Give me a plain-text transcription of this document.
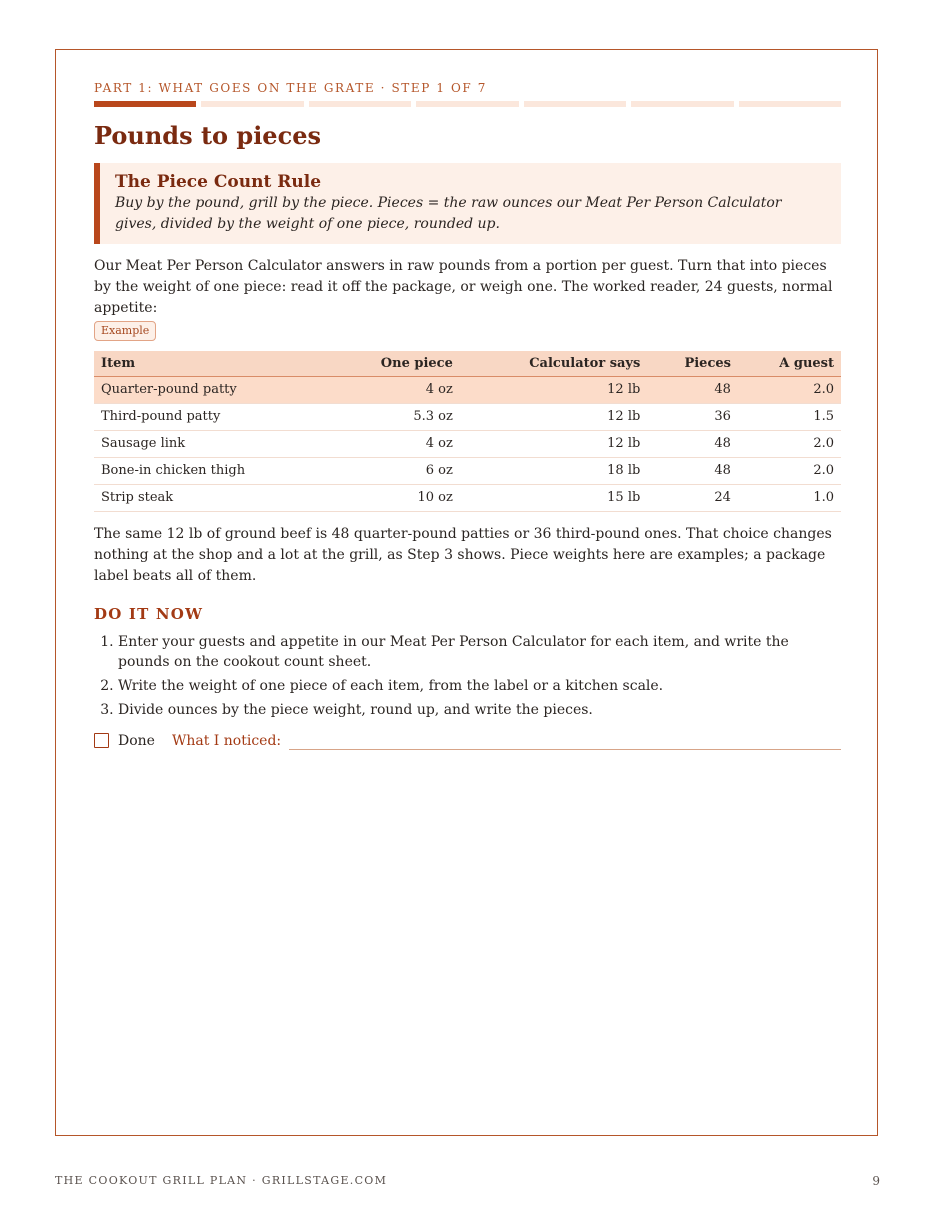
PART 1: WHAT GOES ON THE GRATE · STEP 1 OF 7
Pounds to pieces
The Piece Count Rule
Buy by the pound, grill by the piece. Pieces = the raw ounces our Meat Per Person Calculator gives, divided by the weight of one piece, rounded up.

Our Meat Per Person Calculator answers in raw pounds from a portion per guest. Turn that into pieces by the weight of one piece: read it off the package, or weigh one. The worked reader, 24 guests, normal appetite:
Example

Item	One piece	Calculator says	Pieces	A guest
Quarter-pound patty	4 oz	12 lb	48	2.0
Third-pound patty	5.3 oz	12 lb	36	1.5
Sausage link	4 oz	12 lb	48	2.0
Bone-in chicken thigh	6 oz	18 lb	48	2.0
Strip steak	10 oz	15 lb	24	1.0

The same 12 lb of ground beef is 48 quarter-pound patties or 36 third-pound ones. That choice changes nothing at the shop and a lot at the grill, as Step 3 shows. Piece weights here are examples; a package label beats all of them.

DO IT NOW
1. Enter your guests and appetite in our Meat Per Person Calculator for each item, and write the pounds on the cookout count sheet.
2. Write the weight of one piece of each item, from the label or a kitchen scale.
3. Divide ounces by the piece weight, round up, and write the pieces.
Done What I noticed:
THE COOKOUT GRILL PLAN · GRILLSTAGE.COM	9
